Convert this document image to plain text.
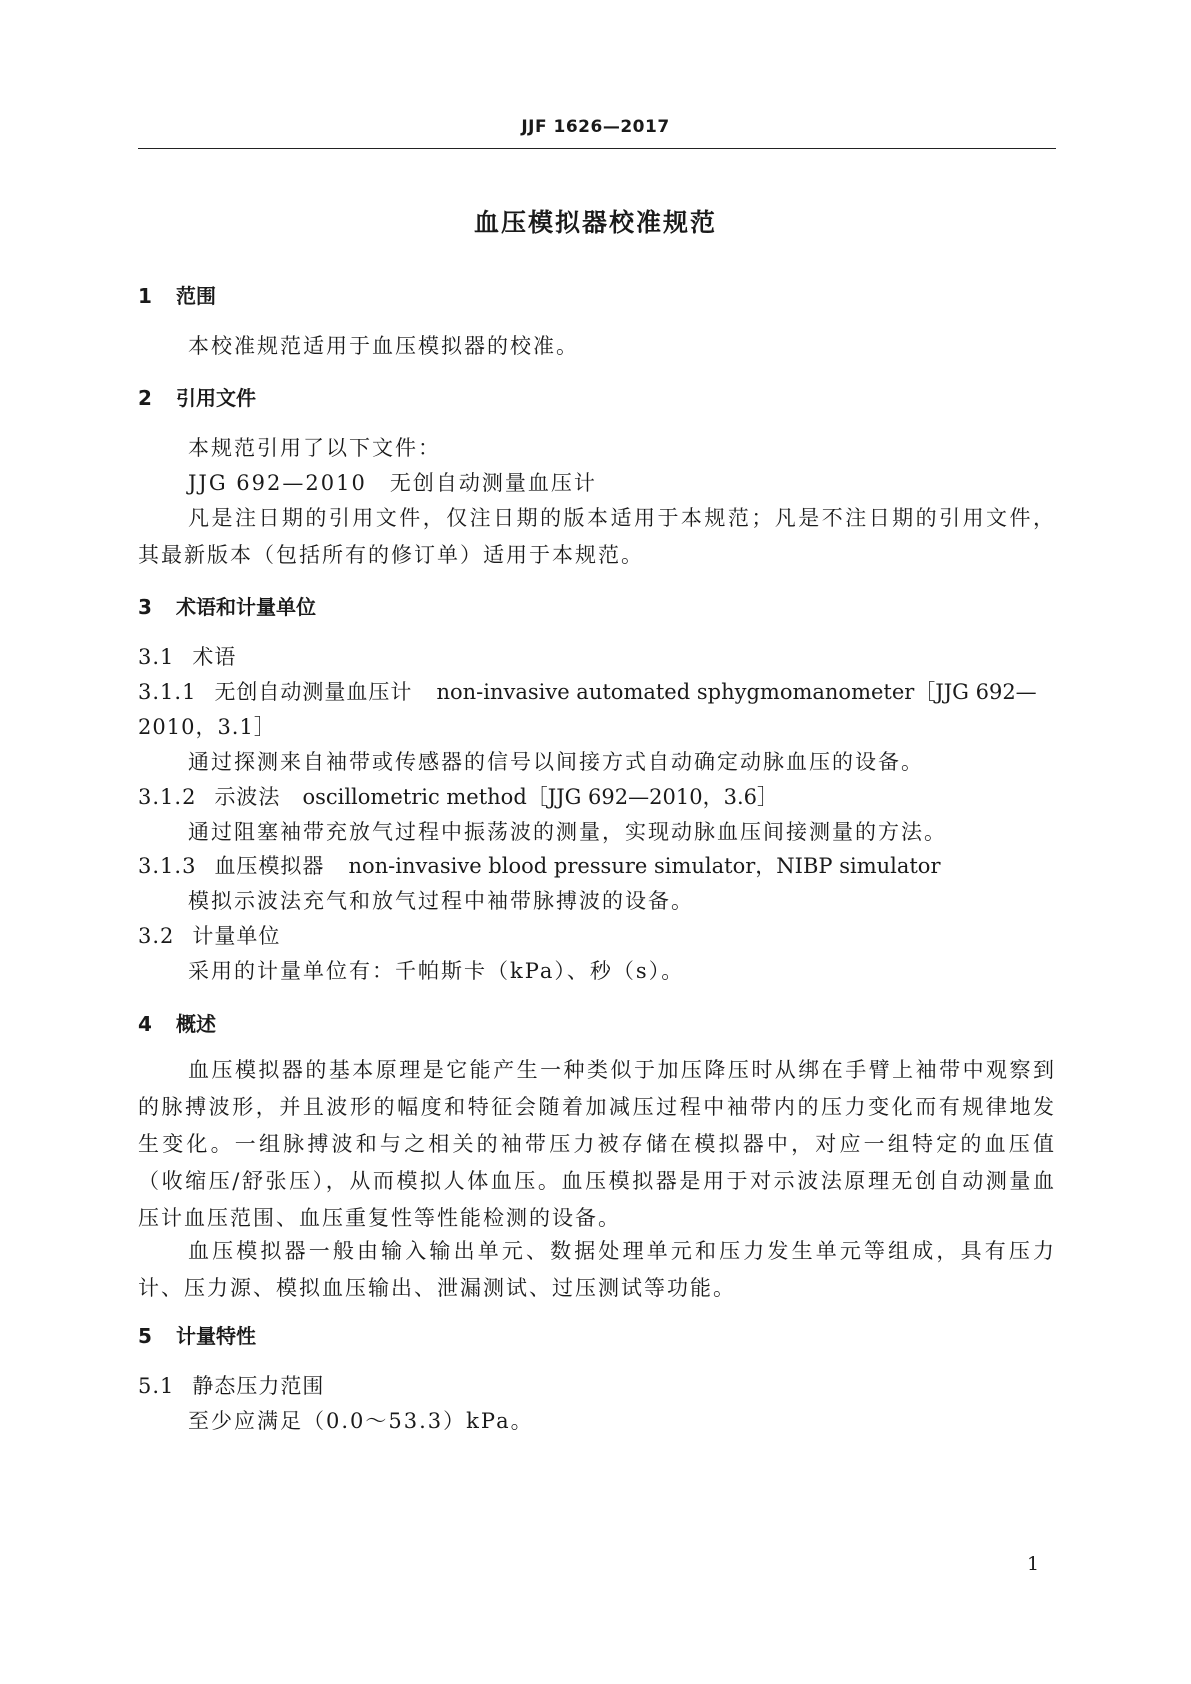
JJF 1626—2017
血压模拟器校准规范
1 范围
本校准规范适用于血压模拟器的校准。
2 引用文件
本规范引用了以下文件：
JJG 692—2010　无创自动测量血压计
凡是注日期的引用文件，仅注日期的版本适用于本规范；凡是不注日期的引用文件，其最新版本（包括所有的修订单）适用于本规范。
3 术语和计量单位
3.1 术语
3.1.1 无创自动测量血压计 non-invasive automated sphygmomanometer［JJG 692—
2010，3.1］
通过探测来自袖带或传感器的信号以间接方式自动确定动脉血压的设备。
3.1.2 示波法 oscillometric method［JJG 692—2010，3.6］
通过阻塞袖带充放气过程中振荡波的测量，实现动脉血压间接测量的方法。
3.1.3 血压模拟器 non-invasive blood pressure simulator，NIBP simulator
模拟示波法充气和放气过程中袖带脉搏波的设备。
3.2 计量单位
采用的计量单位有：千帕斯卡（kPa）、秒（s）。
4 概述
血压模拟器的基本原理是它能产生一种类似于加压降压时从绑在手臂上袖带中观察到的脉搏波形，并且波形的幅度和特征会随着加减压过程中袖带内的压力变化而有规律地发生变化。一组脉搏波和与之相关的袖带压力被存储在模拟器中，对应一组特定的血压值（收缩压/舒张压），从而模拟人体血压。血压模拟器是用于对示波法原理无创自动测量血压计血压范围、血压重复性等性能检测的设备。
血压模拟器一般由输入输出单元、数据处理单元和压力发生单元等组成，具有压力计、压力源、模拟血压输出、泄漏测试、过压测试等功能。
5 计量特性
5.1 静态压力范围
至少应满足（0.0～53.3）kPa。
1
